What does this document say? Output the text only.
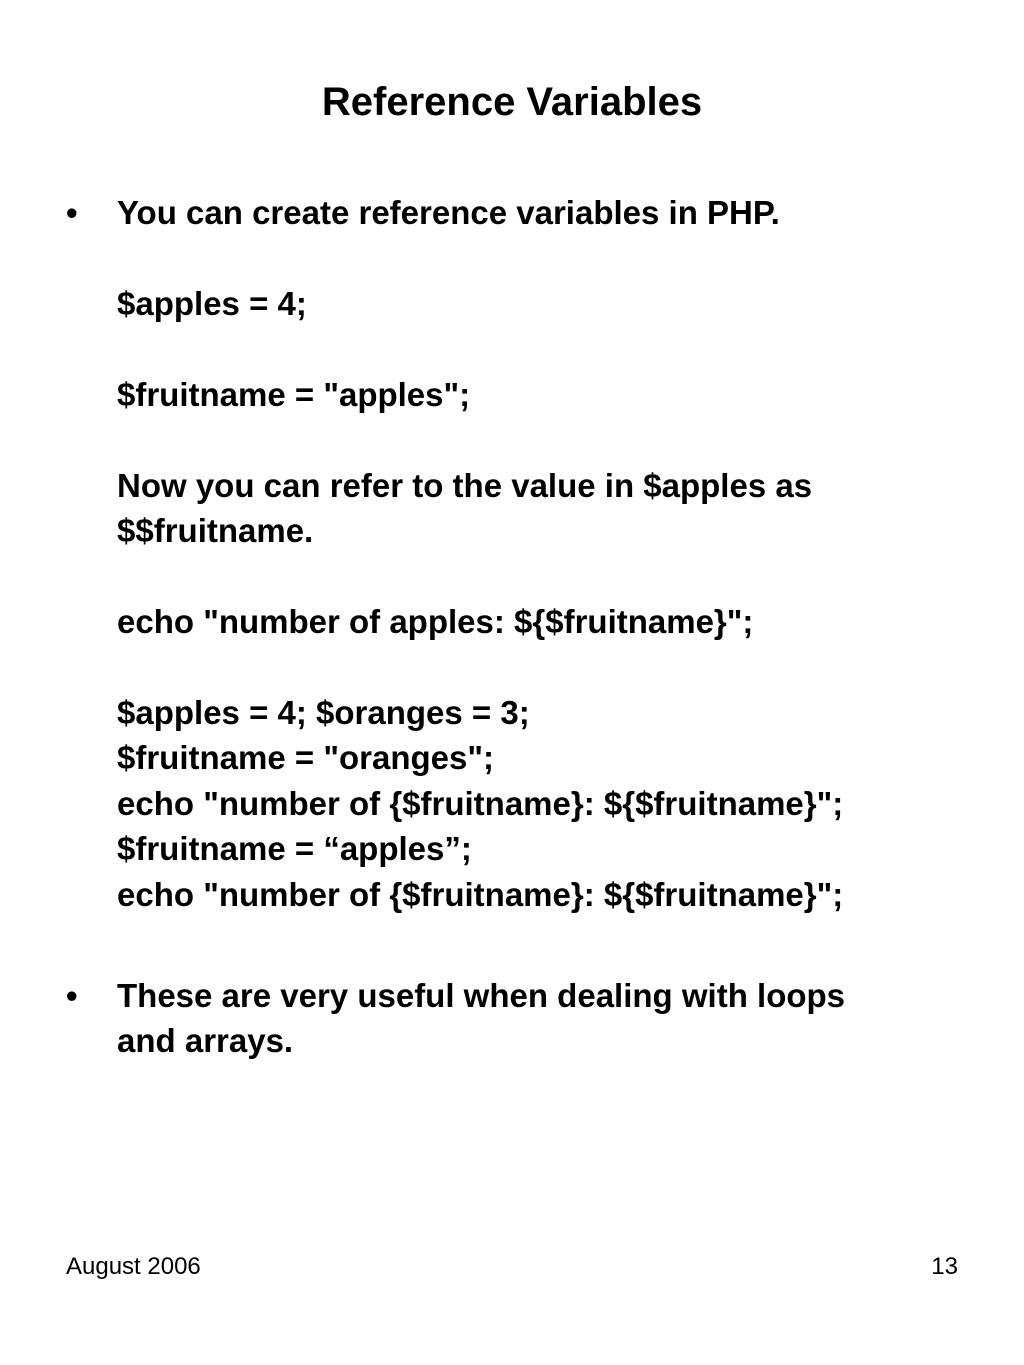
Reference Variables
• You can create reference variables in PHP.
$apples = 4;
$fruitname = "apples";
Now you can refer to the value in $apples as
$$fruitname.
echo "number of apples: ${$fruitname}";
$apples = 4; $oranges = 3;
$fruitname = "oranges";
echo "number of {$fruitname}: ${$fruitname}";
$fruitname = “apples”;
echo "number of {$fruitname}: ${$fruitname}";
• These are very useful when dealing with loops
and arrays.
August 2006	13
